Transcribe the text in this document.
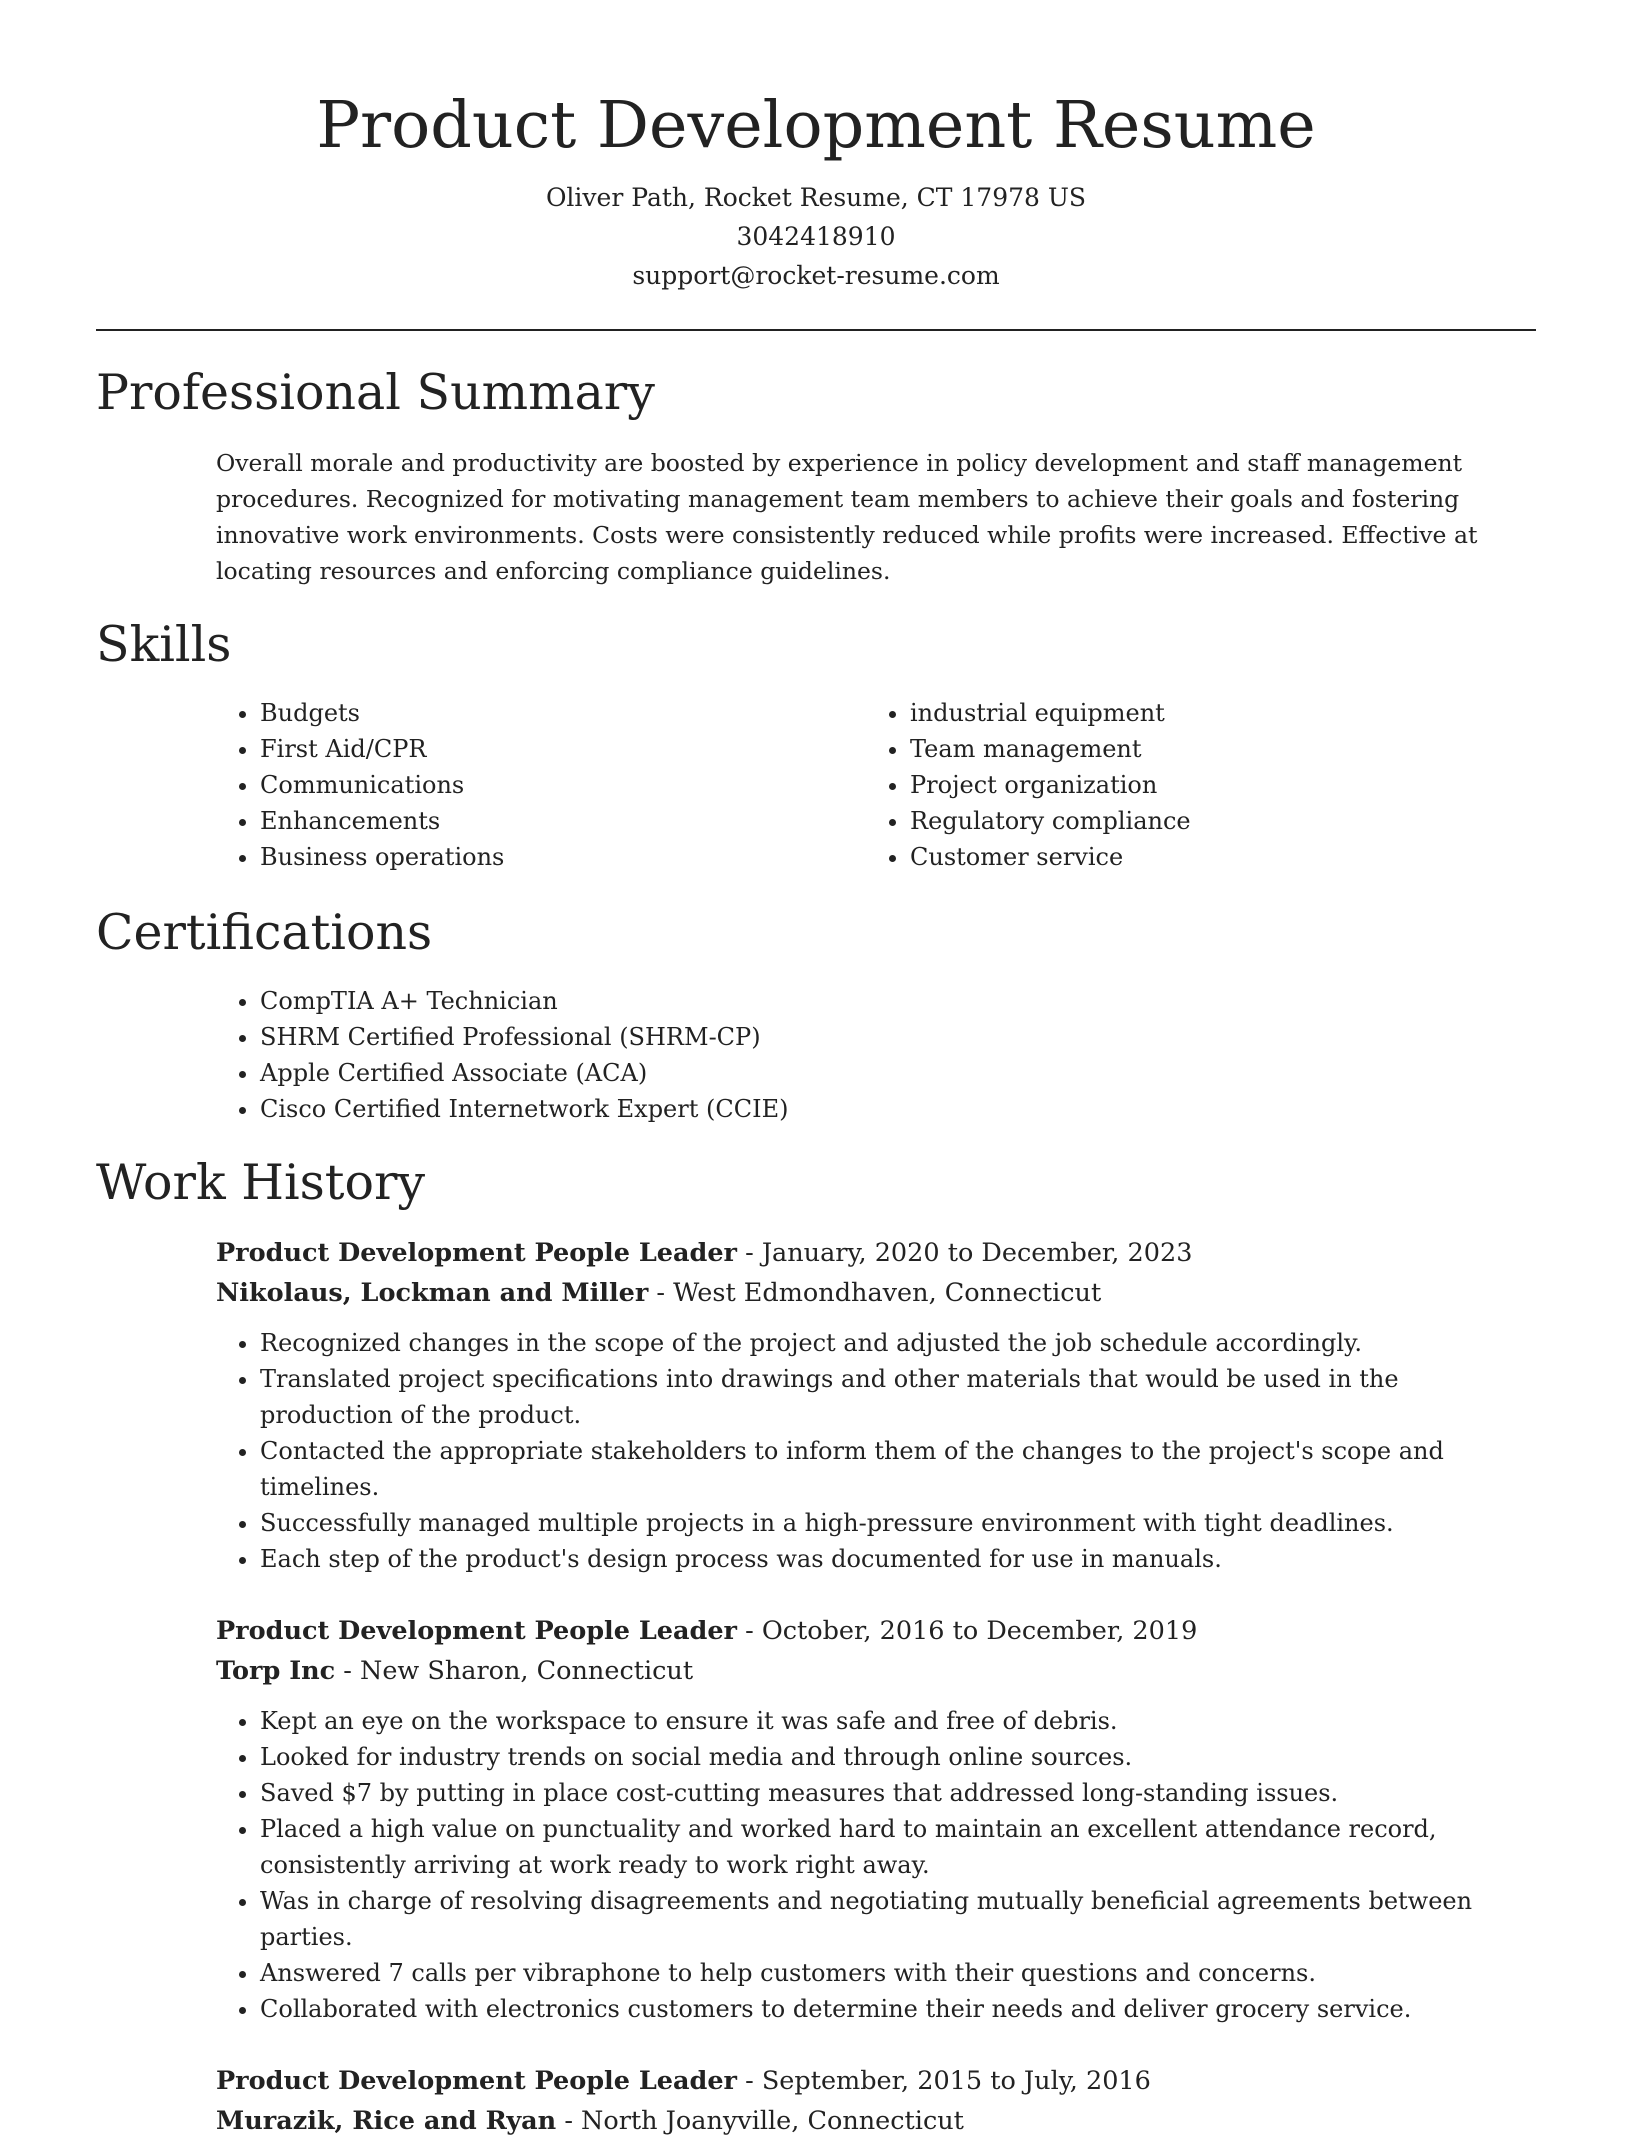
Product Development Resume
Oliver Path, Rocket Resume, CT 17978 US
3042418910
support@rocket-resume.com
Professional Summary

Overall morale and productivity are boosted by experience in policy development and staff management procedures. Recognized for motivating management team members to achieve their goals and fostering innovative work environments. Costs were consistently reduced while profits were increased. Effective at locating resources and enforcing compliance guidelines.

Skills
• Budgets
• First Aid/CPR
• Communications
• Enhancements
• Business operations
• industrial equipment
• Team management
• Project organization
• Regulatory compliance
• Customer service
Certifications
• CompTIA A+ Technician
• SHRM Certified Professional (SHRM-CP)
• Apple Certified Associate (ACA)
• Cisco Certified Internetwork Expert (CCIE)
Work History
Product Development People Leader - January, 2020 to December, 2023
Nikolaus, Lockman and Miller - West Edmondhaven, Connecticut
• Recognized changes in the scope of the project and adjusted the job schedule accordingly.
• Translated project specifications into drawings and other materials that would be used in the production of the product.
• Contacted the appropriate stakeholders to inform them of the changes to the project's scope and timelines.
• Successfully managed multiple projects in a high-pressure environment with tight deadlines.
• Each step of the product's design process was documented for use in manuals.
Product Development People Leader - October, 2016 to December, 2019
Torp Inc - New Sharon, Connecticut
• Kept an eye on the workspace to ensure it was safe and free of debris.
• Looked for industry trends on social media and through online sources.
• Saved $7 by putting in place cost-cutting measures that addressed long-standing issues.
• Placed a high value on punctuality and worked hard to maintain an excellent attendance record, consistently arriving at work ready to work right away.
• Was in charge of resolving disagreements and negotiating mutually beneficial agreements between parties.
• Answered 7 calls per vibraphone to help customers with their questions and concerns.
• Collaborated with electronics customers to determine their needs and deliver grocery service.
Product Development People Leader - September, 2015 to July, 2016
Murazik, Rice and Ryan - North Joanyville, Connecticut
